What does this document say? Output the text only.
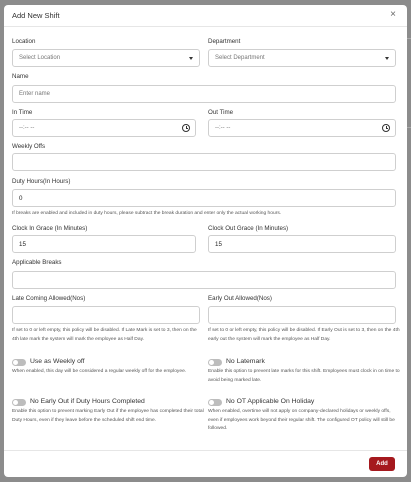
Add New Shift	×
Location
Select Location
Department
Select Department
Name
Enter name
In Time
--:-- --
Out Time
--:-- --
Weekly Offs
Duty Hours(In Hours)
0
If breaks are enabled and included in duty hours, please subtract the break duration and enter only the actual working hours.
Clock In Grace (In Minutes)
15
Clock Out Grace (In Minutes)
15
Applicable Breaks
Late Coming Allowed(Nos)
If set to 0 or left empty, this policy will be disabled. If Late Mark is set to 3, then on the 4th late mark the system will mark the employee as Half Day.
Early Out Allowed(Nos)
If set to 0 or left empty, this policy will be disabled. If Early Out is set to 3, then on the 4th early out the system will mark the employee as Half Day.
Use as Weekly off
When enabled, this day will be considered a regular weekly off for the employee.
No Latemark
Enable this option to prevent late marks for this shift. Employees must clock in on time to avoid being marked late.
No Early Out if Duty Hours Completed
Enable this option to prevent marking Early Out if the employee has completed their total Duty Hours, even if they leave before the scheduled shift end time.
No OT Applicable On Holiday
When enabled, overtime will not apply on company-declared holidays or weekly offs, even if employees work beyond their regular shift. The configured OT policy will still be followed.
Add
